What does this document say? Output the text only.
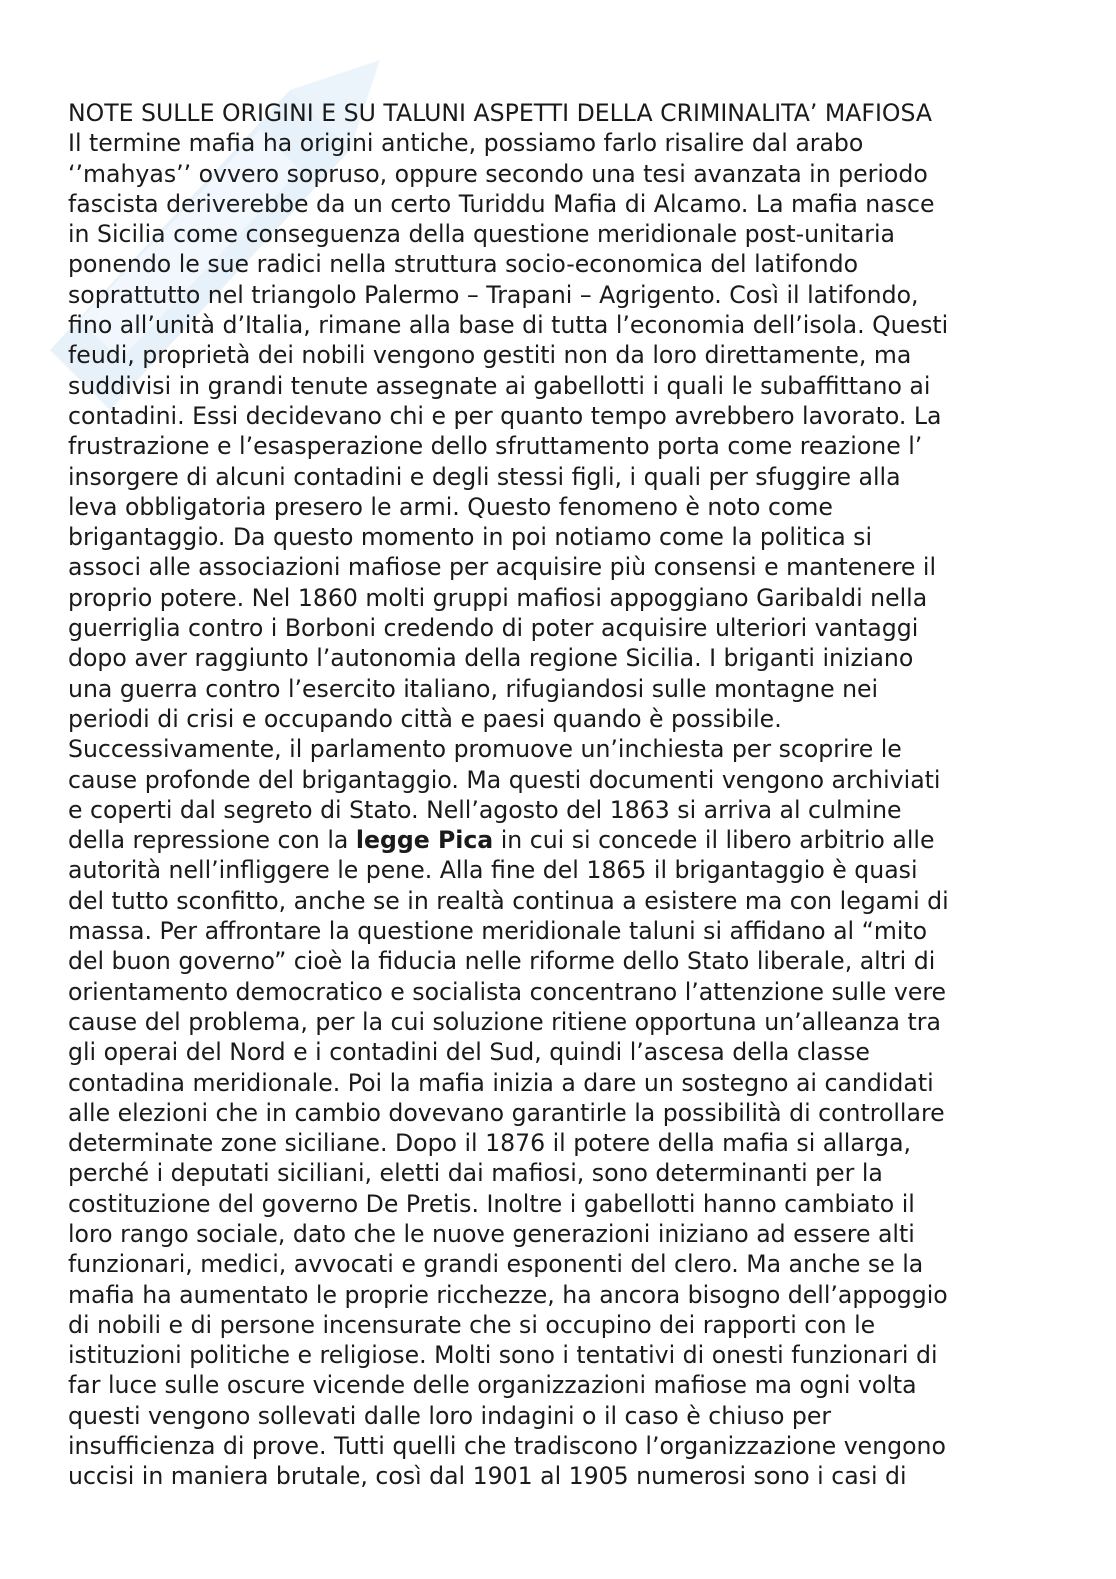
NOTE SULLE ORIGINI E SU TALUNI ASPETTI DELLA CRIMINALITA’ MAFIOSA
Il termine mafia ha origini antiche, possiamo farlo risalire dal arabo
‘’mahyas’’ ovvero sopruso, oppure secondo una tesi avanzata in periodo
fascista deriverebbe da un certo Turiddu Mafia di Alcamo. La mafia nasce
in Sicilia come conseguenza della questione meridionale post-unitaria
ponendo le sue radici nella struttura socio-economica del latifondo
soprattutto nel triangolo Palermo – Trapani – Agrigento. Così il latifondo,
fino all’unità d’Italia, rimane alla base di tutta l’economia dell’isola. Questi
feudi, proprietà dei nobili vengono gestiti non da loro direttamente, ma
suddivisi in grandi tenute assegnate ai gabellotti i quali le subaffittano ai
contadini. Essi decidevano chi e per quanto tempo avrebbero lavorato. La
frustrazione e l’esasperazione dello sfruttamento porta come reazione l’
insorgere di alcuni contadini e degli stessi figli, i quali per sfuggire alla
leva obbligatoria presero le armi. Questo fenomeno è noto come
brigantaggio. Da questo momento in poi notiamo come la politica si
associ alle associazioni mafiose per acquisire più consensi e mantenere il
proprio potere. Nel 1860 molti gruppi mafiosi appoggiano Garibaldi nella
guerriglia contro i Borboni credendo di poter acquisire ulteriori vantaggi
dopo aver raggiunto l’autonomia della regione Sicilia. I briganti iniziano
una guerra contro l’esercito italiano, rifugiandosi sulle montagne nei
periodi di crisi e occupando città e paesi quando è possibile.
Successivamente, il parlamento promuove un’inchiesta per scoprire le
cause profonde del brigantaggio. Ma questi documenti vengono archiviati
e coperti dal segreto di Stato. Nell’agosto del 1863 si arriva al culmine
della repressione con la legge Pica in cui si concede il libero arbitrio alle
autorità nell’infliggere le pene. Alla fine del 1865 il brigantaggio è quasi
del tutto sconfitto, anche se in realtà continua a esistere ma con legami di
massa. Per affrontare la questione meridionale taluni si affidano al “mito
del buon governo” cioè la fiducia nelle riforme dello Stato liberale, altri di
orientamento democratico e socialista concentrano l’attenzione sulle vere
cause del problema, per la cui soluzione ritiene opportuna un’alleanza tra
gli operai del Nord e i contadini del Sud, quindi l’ascesa della classe
contadina meridionale. Poi la mafia inizia a dare un sostegno ai candidati
alle elezioni che in cambio dovevano garantirle la possibilità di controllare
determinate zone siciliane. Dopo il 1876 il potere della mafia si allarga,
perché i deputati siciliani, eletti dai mafiosi, sono determinanti per la
costituzione del governo De Pretis. Inoltre i gabellotti hanno cambiato il
loro rango sociale, dato che le nuove generazioni iniziano ad essere alti
funzionari, medici, avvocati e grandi esponenti del clero. Ma anche se la
mafia ha aumentato le proprie ricchezze, ha ancora bisogno dell’appoggio
di nobili e di persone incensurate che si occupino dei rapporti con le
istituzioni politiche e religiose. Molti sono i tentativi di onesti funzionari di
far luce sulle oscure vicende delle organizzazioni mafiose ma ogni volta
questi vengono sollevati dalle loro indagini o il caso è chiuso per
insufficienza di prove. Tutti quelli che tradiscono l’organizzazione vengono
uccisi in maniera brutale, così dal 1901 al 1905 numerosi sono i casi di
